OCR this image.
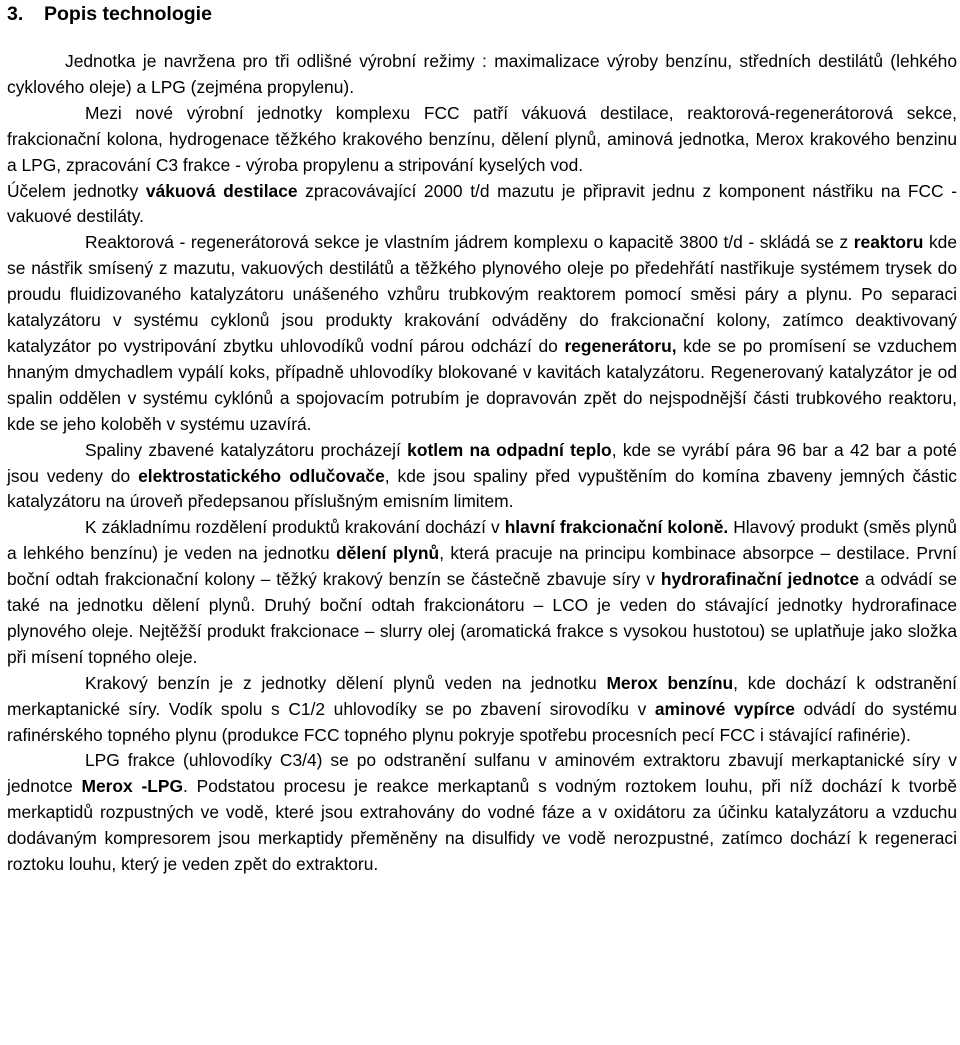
3. Popis technologie

Jednotka je navržena pro tři odlišné výrobní režimy : maximalizace výroby benzínu, středních destilátů (lehkého cyklového oleje) a LPG (zejména propylenu).

Mezi nové výrobní jednotky komplexu FCC patří vákuová destilace, reaktorová-regenerátorová sekce, frakcionační kolona, hydrogenace těžkého krakového benzínu, dělení plynů, aminová jednotka, Merox krakového benzinu a LPG, zpracování C3 frakce - výroba propylenu a stripování kyselých vod.

Účelem jednotky vákuová destilace zpracovávající 2000 t/d mazutu je připravit jednu z komponent nástřiku na FCC - vakuové destiláty.

Reaktorová - regenerátorová sekce je vlastním jádrem komplexu o kapacitě 3800 t/d - skládá se z reaktoru kde se nástřik smísený z mazutu, vakuových destilátů a těžkého plynového oleje po předehřátí nastřikuje systémem trysek do proudu fluidizovaného katalyzátoru unášeného vzhůru trubkovým reaktorem pomocí směsi páry a plynu. Po separaci katalyzátoru v systému cyklonů jsou produkty krakování odváděny do frakcionační kolony, zatímco deaktivovaný katalyzátor po vystripování zbytku uhlovodíků vodní párou odchází do regenerátoru, kde se po promísení se vzduchem hnaným dmychadlem vypálí koks, případně uhlovodíky blokované v kavitách katalyzátoru. Regenerovaný katalyzátor je od spalin oddělen v systému cyklónů a spojovacím potrubím je dopravován zpět do nejspodnější části trubkového reaktoru, kde se jeho koloběh v systému uzavírá.

Spaliny zbavené katalyzátoru procházejí kotlem na odpadní teplo, kde se vyrábí pára 96 bar a 42 bar a poté jsou vedeny do elektrostatického odlučovače, kde jsou spaliny před vypuštěním do komína zbaveny jemných částic katalyzátoru na úroveň předepsanou příslušným emisním limitem.

K základnímu rozdělení produktů krakování dochází v hlavní frakcionační koloně. Hlavový produkt (směs plynů a lehkého benzínu) je veden na jednotku dělení plynů, která pracuje na principu kombinace absorpce – destilace. První boční odtah frakcionační kolony – těžký krakový benzín se částečně zbavuje síry v hydrorafinační jednotce a odvádí se také na jednotku dělení plynů. Druhý boční odtah frakcionátoru – LCO je veden do stávající jednotky hydrorafinace plynového oleje. Nejtěžší produkt frakcionace – slurry olej (aromatická frakce s vysokou hustotou) se uplatňuje jako složka při mísení topného oleje.

Krakový benzín je z jednotky dělení plynů veden na jednotku Merox benzínu, kde dochází k odstranění merkaptanické síry. Vodík spolu s C1/2 uhlovodíky se po zbavení sirovodíku v aminové vypírce odvádí do systému rafinérského topného plynu (produkce FCC topného plynu pokryje spotřebu procesních pecí FCC i stávající rafinérie).

LPG frakce (uhlovodíky C3/4) se po odstranění sulfanu v aminovém extraktoru zbavují merkaptanické síry v jednotce Merox -LPG. Podstatou procesu je reakce merkaptanů s vodným roztokem louhu, při níž dochází k tvorbě merkaptidů rozpustných ve vodě, které jsou extrahovány do vodné fáze a v oxidátoru za účinku katalyzátoru a vzduchu dodávaným kompresorem jsou merkaptidy přeměněny na disulfidy ve vodě nerozpustné, zatímco dochází k regeneraci roztoku louhu, který je veden zpět do extraktoru.
